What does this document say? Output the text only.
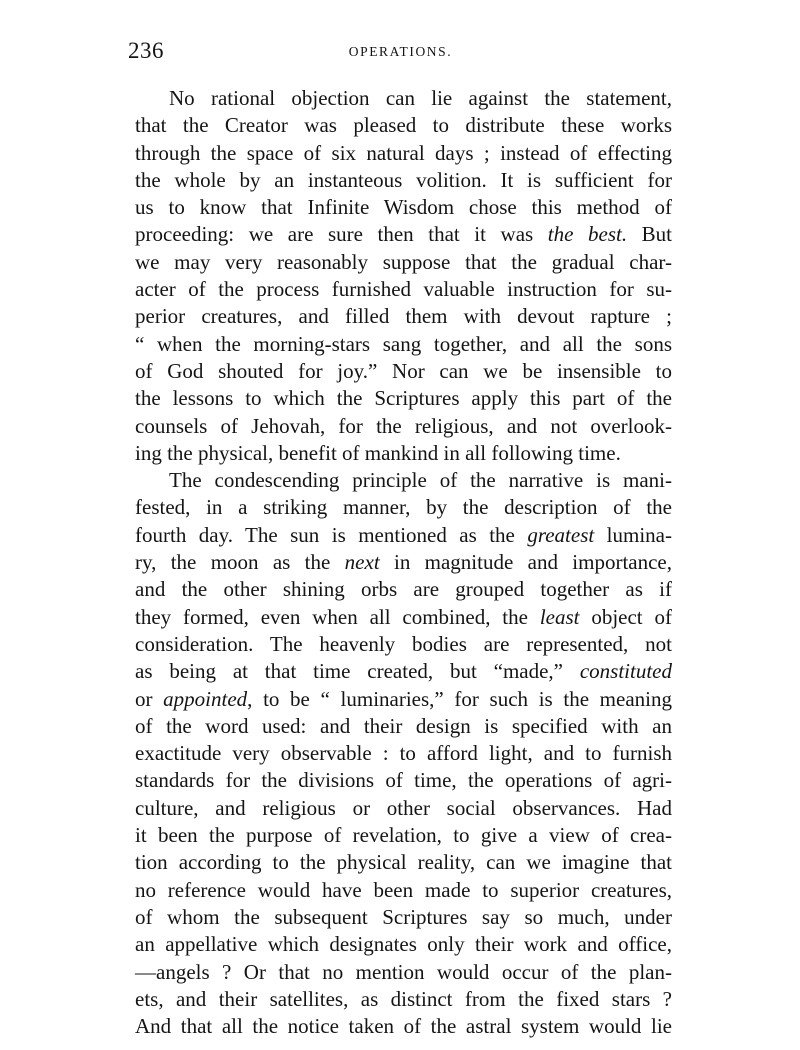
236	OPERATIONS.
No rational objection can lie against the statement,
that the Creator was pleased to distribute these works
through the space of six natural days ; instead of effecting
the whole by an instanteous volition. It is sufficient for
us to know that Infinite Wisdom chose this method of
proceeding: we are sure then that it was the best. But
we may very reasonably suppose that the gradual char-
acter of the process furnished valuable instruction for su-
perior creatures, and filled them with devout rapture ;
“ when the morning-stars sang together, and all the sons
of God shouted for joy.” Nor can we be insensible to
the lessons to which the Scriptures apply this part of the
counsels of Jehovah, for the religious, and not overlook-
ing the physical, benefit of mankind in all following time.
The condescending principle of the narrative is mani-
fested, in a striking manner, by the description of the
fourth day. The sun is mentioned as the greatest lumina-
ry, the moon as the next in magnitude and importance,
and the other shining orbs are grouped together as if
they formed, even when all combined, the least object of
consideration. The heavenly bodies are represented, not
as being at that time created, but “made,” constituted
or appointed, to be “ luminaries,” for such is the meaning
of the word used: and their design is specified with an
exactitude very observable : to afford light, and to furnish
standards for the divisions of time, the operations of agri-
culture, and religious or other social observances. Had
it been the purpose of revelation, to give a view of crea-
tion according to the physical reality, can we imagine that
no reference would have been made to superior creatures,
of whom the subsequent Scriptures say so much, under
an appellative which designates only their work and office,
—angels ? Or that no mention would occur of the plan-
ets, and their satellites, as distinct from the fixed stars ?
And that all the notice taken of the astral system would lie
